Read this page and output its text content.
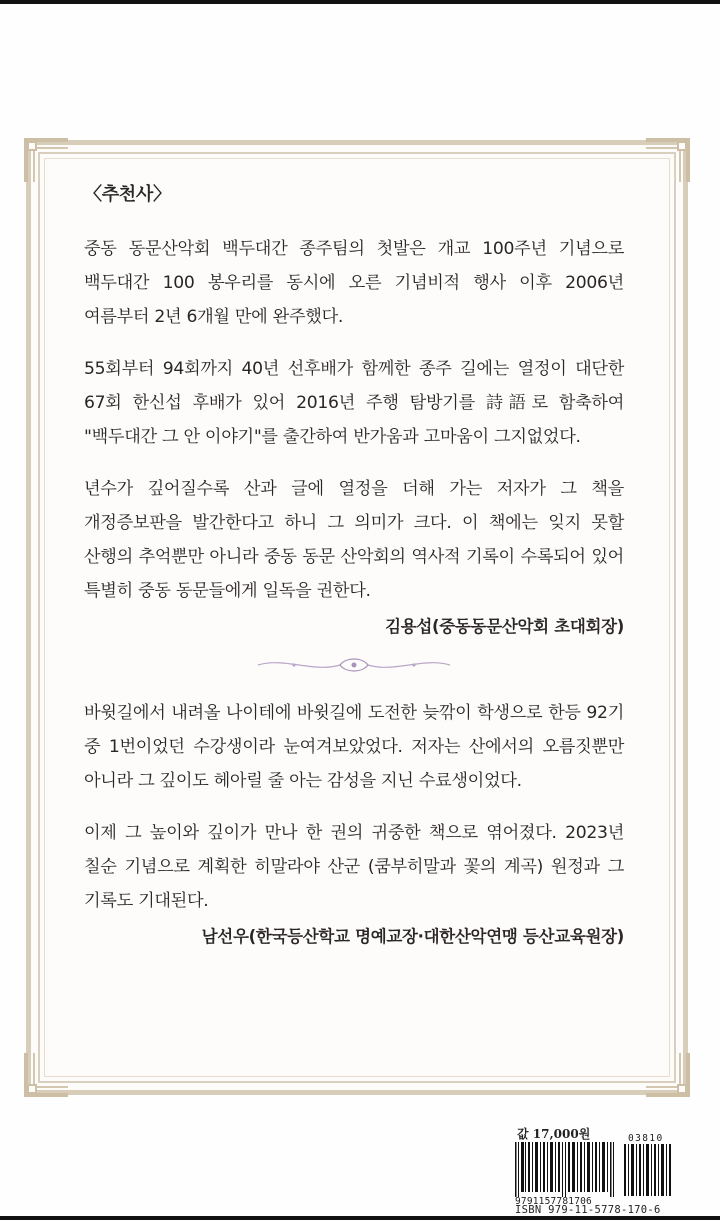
〈추천사〉

중동 동문산악회 백두대간 종주팀의 첫발은 개교 100주년 기념으로 백두대간 100 봉우리를 동시에 오른 기념비적 행사 이후 2006년 여름부터 2년 6개월 만에 완주했다.

55회부터 94회까지 40년 선후배가 함께한 종주 길에는 열정이 대단한 67회 한신섭 후배가 있어 2016년 주행 탐방기를 詩語로 함축하여 "백두대간 그 안 이야기"를 출간하여 반가움과 고마움이 그지없었다.

년수가 깊어질수록 산과 글에 열정을 더해 가는 저자가 그 책을 개정증보판을 발간한다고 하니 그 의미가 크다. 이 책에는 잊지 못할 산행의 추억뿐만 아니라 중동 동문 산악회의 역사적 기록이 수록되어 있어 특별히 중동 동문들에게 일독을 권한다.

김용섭(중동동문산악회 초대회장)

바윗길에서 내려올 나이테에 바윗길에 도전한 늦깎이 학생으로 한등 92기 중 1번이었던 수강생이라 눈여겨보았었다. 저자는 산에서의 오름짓뿐만 아니라 그 깊이도 헤아릴 줄 아는 감성을 지닌 수료생이었다.

이제 그 높이와 깊이가 만나 한 권의 귀중한 책으로 엮어졌다. 2023년 칠순 기념으로 계획한 히말라야 산군 (쿰부히말과 꽃의 계곡) 원정과 그 기록도 기대된다.

남선우(한국등산학교 명예교장·대한산악연맹 등산교육원장)
값 17,000원
9791157781706
03810
ISBN 979-11-5778-170-6
